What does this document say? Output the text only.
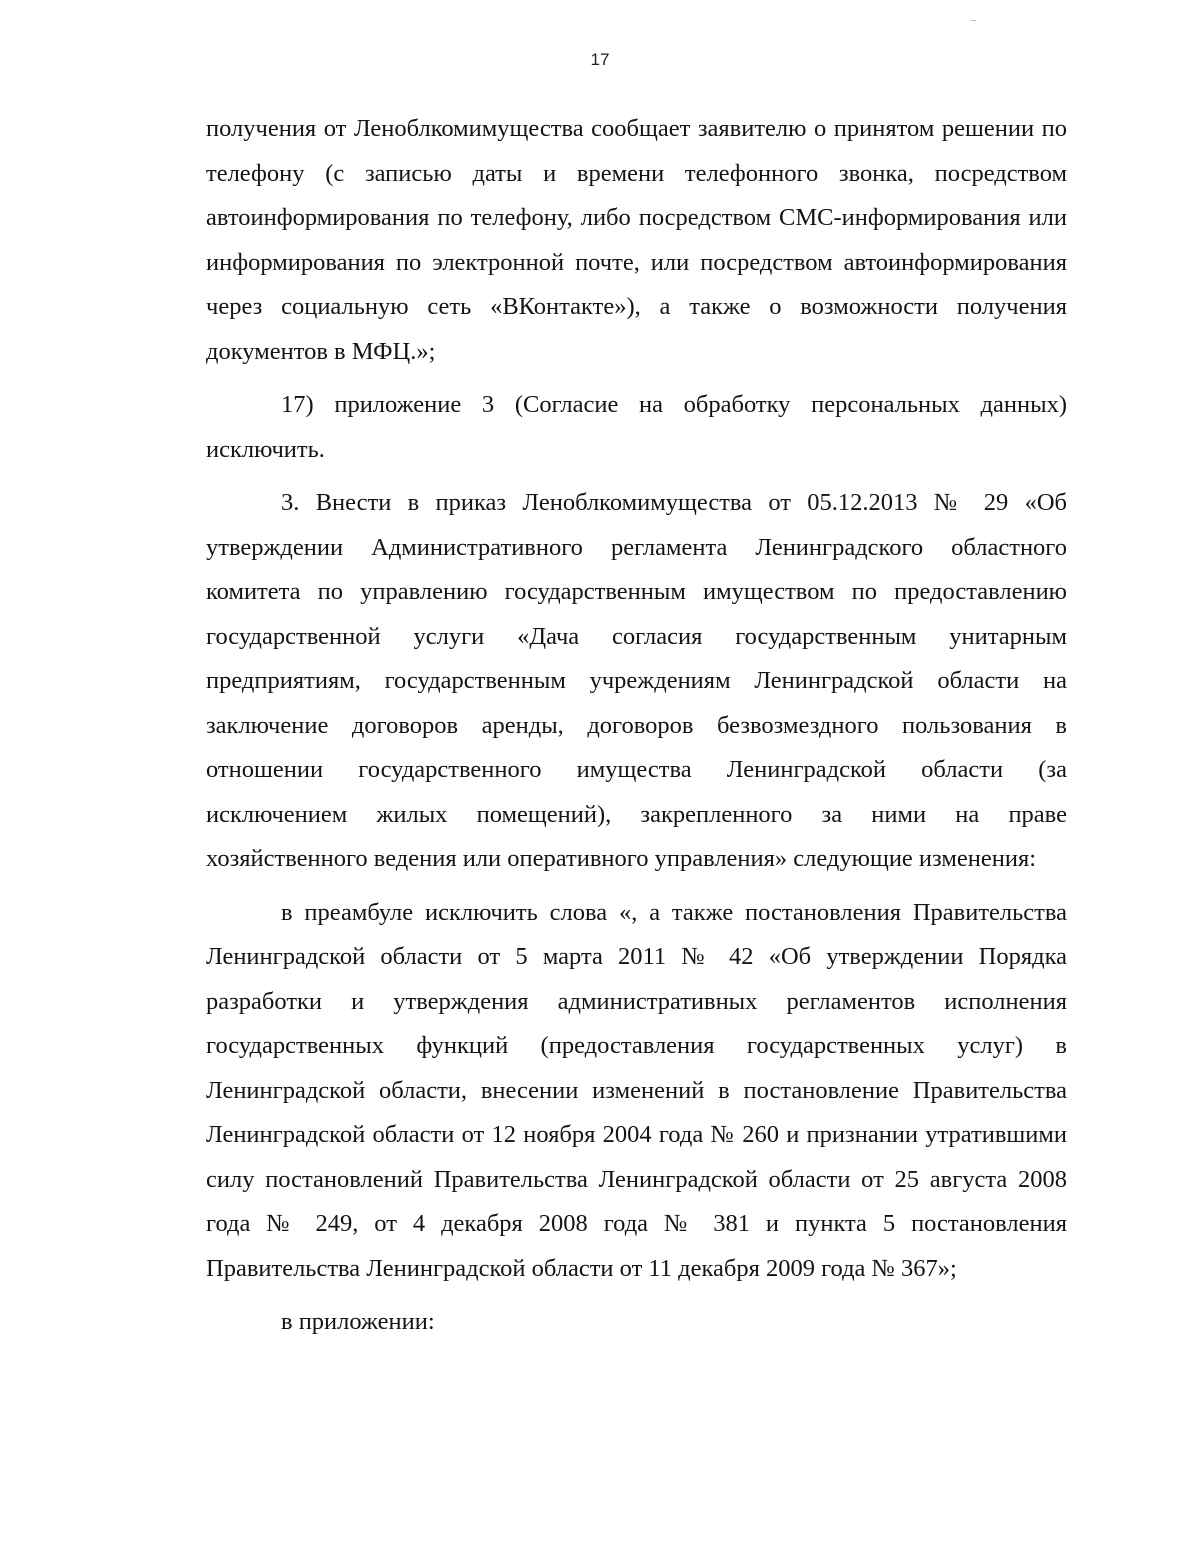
17

получения от Леноблкомимущества сообщает заявителю о принятом решении по телефону (с записью даты и времени телефонного звонка, посредством автоинформирования по телефону, либо посредством СМС-информирования или информирования по электронной почте, или посредством автоинформирования через социальную сеть «ВКонтакте»), а также о возможности получения документов в МФЦ.»;

17) приложение 3 (Согласие на обработку персональных данных) исключить.

3. Внести в приказ Леноблкомимущества от 05.12.2013 № 29 «Об утверждении Административного регламента Ленинградского областного комитета по управлению государственным имуществом по предоставлению государственной услуги «Дача согласия государственным унитарным предприятиям, государственным учреждениям Ленинградской области на заключение договоров аренды, договоров безвозмездного пользования в отношении государственного имущества Ленинградской области (за исключением жилых помещений), закрепленного за ними на праве хозяйственного ведения или оперативного управления» следующие изменения:

в преамбуле исключить слова «, а также постановления Правительства Ленинградской области от 5 марта 2011 № 42 «Об утверждении Порядка разработки и утверждения административных регламентов исполнения государственных функций (предоставления государственных услуг) в Ленинградской области, внесении изменений в постановление Правительства Ленинградской области от 12 ноября 2004 года № 260 и признании утратившими силу постановлений Правительства Ленинградской области от 25 августа 2008 года № 249, от 4 декабря 2008 года № 381 и пункта 5 постановления Правительства Ленинградской области от 11 декабря 2009 года № 367»;

в приложении:
